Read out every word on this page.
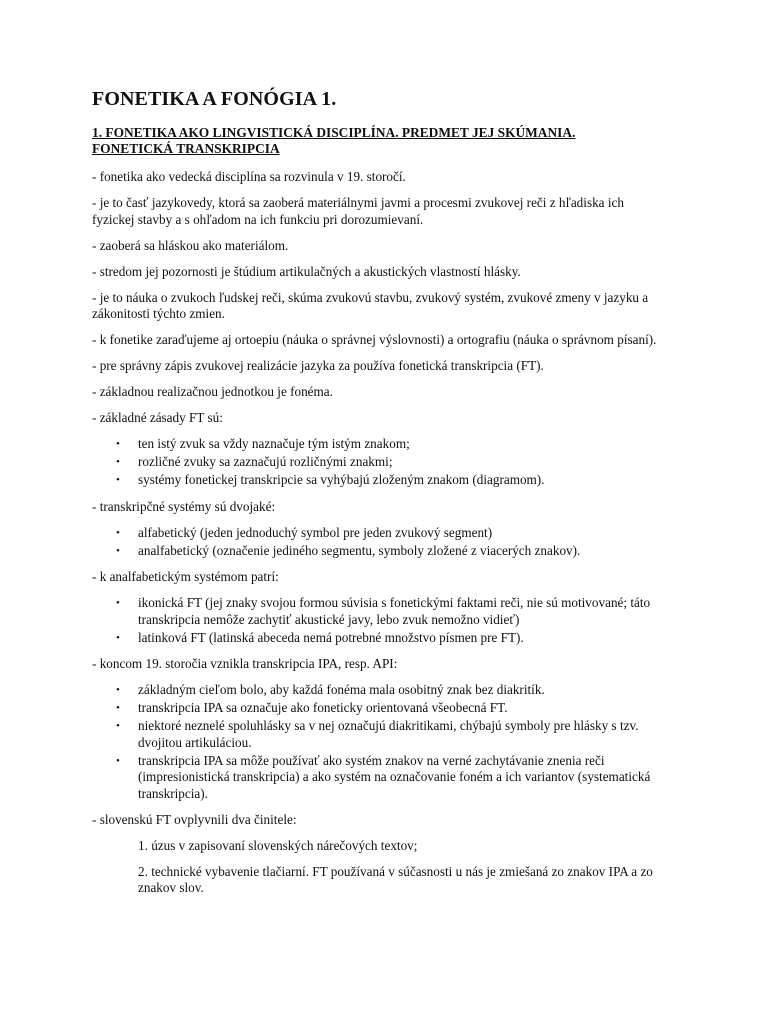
FONETIKA A FONÓGIA 1.
1. FONETIKA AKO LINGVISTICKÁ DISCIPLÍNA. PREDMET JEJ SKÚMANIA.
FONETICKÁ TRANSKRIPCIA
- fonetika ako vedecká disciplína sa rozvinula v 19. storočí.
- je to časť jazykovedy, ktorá sa zaoberá materiálnymi javmi a procesmi zvukovej reči z hľadiska ich fyzickej stavby a s ohľadom na ich funkciu pri dorozumievaní.
- zaoberá sa hláskou ako materiálom.
- stredom jej pozornosti je štúdium artikulačných a akustických vlastností hlásky.
- je to náuka o zvukoch ľudskej reči, skúma zvukovú stavbu, zvukový systém, zvukové zmeny v jazyku a zákonitosti týchto zmien.
- k fonetike zaraďujeme aj ortoepiu (náuka o správnej výslovnosti) a ortografiu (náuka o správnom písaní).
- pre správny zápis zvukovej realizácie jazyka za používa fonetická transkripcia (FT).
- základnou realizačnou jednotkou je fonéma.
- základné zásady FT sú:
• ten istý zvuk sa vždy naznačuje tým istým znakom;
• rozličné zvuky sa zaznačujú rozličnými znakmi;
• systémy fonetickej transkripcie sa vyhýbajú zloženým znakom (diagramom).
- transkripčné systémy sú dvojaké:
• alfabetický (jeden jednoduchý symbol pre jeden zvukový segment)
• analfabetický (označenie jediného segmentu, symboly zložené z viacerých znakov).
- k analfabetickým systémom patrí:
• ikonická FT (jej znaky svojou formou súvisia s fonetickými faktami reči, nie sú motivované; táto transkripcia nemôže zachytiť akustické javy, lebo zvuk nemožno vidieť)
• latinková FT (latinská abeceda nemá potrebné množstvo písmen pre FT).
- koncom 19. storočia vznikla transkripcia IPA, resp. API:
• základným cieľom bolo, aby každá fonéma mala osobitný znak bez diakritík.
• transkripcia IPA sa označuje ako foneticky orientovaná všeobecná FT.
• niektoré neznelé spoluhlásky sa v nej označujú diakritikami, chýbajú symboly pre hlásky s tzv. dvojitou artikuláciou.
• transkripcia IPA sa môže používať ako systém znakov na verné zachytávanie znenia reči (impresionistická transkripcia) a ako systém na označovanie foném a ich variantov (systematická transkripcia).
- slovenskú FT ovplyvnili dva činitele:
1. úzus v zapisovaní slovenských nárečových textov;
2. technické vybavenie tlačiarní. FT používaná v súčasnosti u nás je zmiešaná zo znakov IPA a zo znakov slov.
